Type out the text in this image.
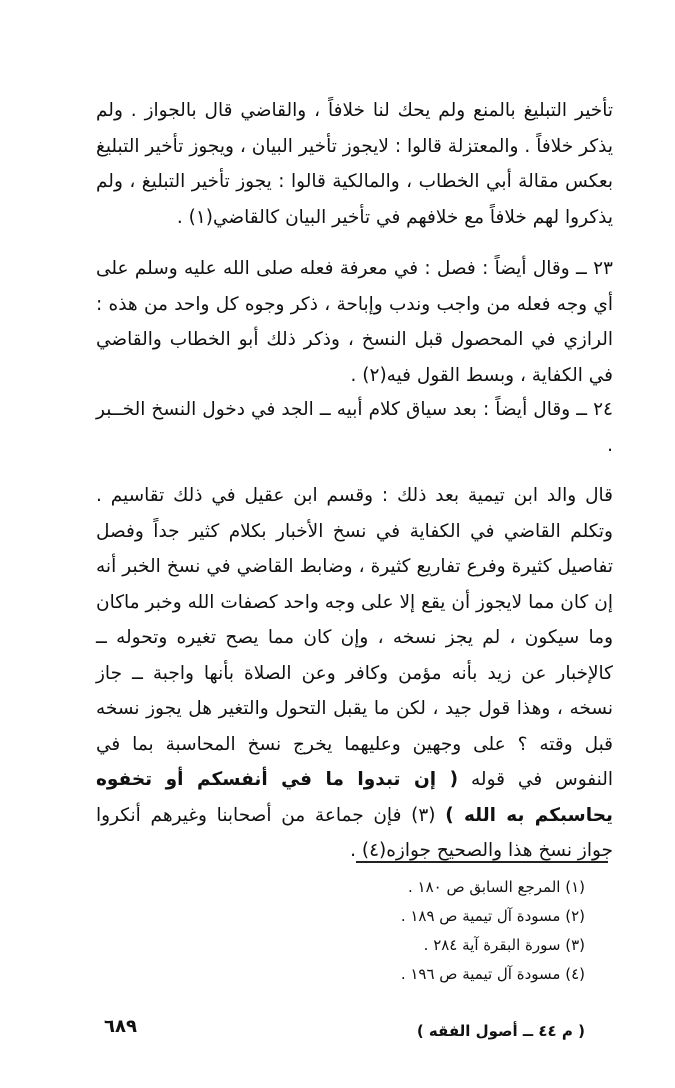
تأخير التبليغ بالمنع ولم يحك لنا خلافاً ، والقاضي قال بالجواز . ولم يذكر خلافاً . والمعتزلة قالوا : لايجوز تأخير البيان ، ويجوز تأخير التبليغ بعكس مقالة أبي الخطاب ، والمالكية قالوا : يجوز تأخير التبليغ ، ولم يذكروا لهم خلافاً مع خلافهم في تأخير البيان كالقاضي(١) .

٢٣ ــ وقال أيضاً : فصل : في معرفة فعله صلى الله عليه وسلم على أي وجه فعله من واجب وندب وإباحة ، ذكر وجوه كل واحد من هذه : الرازي في المحصول قبل النسخ ، وذكر ذلك أبو الخطاب والقاضي في الكفاية ، وبسط القول فيه(٢) .

٢٤ ــ وقال أيضاً : بعد سياق كلام أبيه ــ الجد في دخول النسخ الخــبر .

قال والد ابن تيمية بعد ذلك : وقسم ابن عقيل في ذلك تقاسيم . وتكلم القاضي في الكفاية في نسخ الأخبار بكلام كثير جداً وفصل تفاصيل كثيرة وفرع تفاريع كثيرة ، وضابط القاضي في نسخ الخبر أنه إن كان مما لايجوز أن يقع إلا على وجه واحد كصفات الله وخبر ماكان وما سيكون ، لم يجز نسخه ، وإن كان مما يصح تغيره وتحوله ــ كالإخبار عن زيد بأنه مؤمن وكافر وعن الصلاة بأنها واجبة ــ جاز نسخه ، وهذا قول جيد ، لكن ما يقبل التحول والتغير هل يجوز نسخه قبل وقته ؟ على وجهين وعليهما يخرج نسخ المحاسبة بما في النفوس في قوله ( إن تبدوا ما في أنفسكم أو تخفوه يحاسبكم به الله ) (٣) فإن جماعة من أصحابنا وغيرهم أنكروا جواز نسخ هذا والصحيح جوازه(٤) .

(١) المرجع السابق ص ١٨٠ .
(٢) مسودة آل تيمية ص ١٨٩ .
(٣) سورة البقرة آية ٢٨٤ .
(٤) مسودة آل تيمية ص ١٩٦ .
( م ٤٤ ــ أصول الفقه )
٦٨٩
